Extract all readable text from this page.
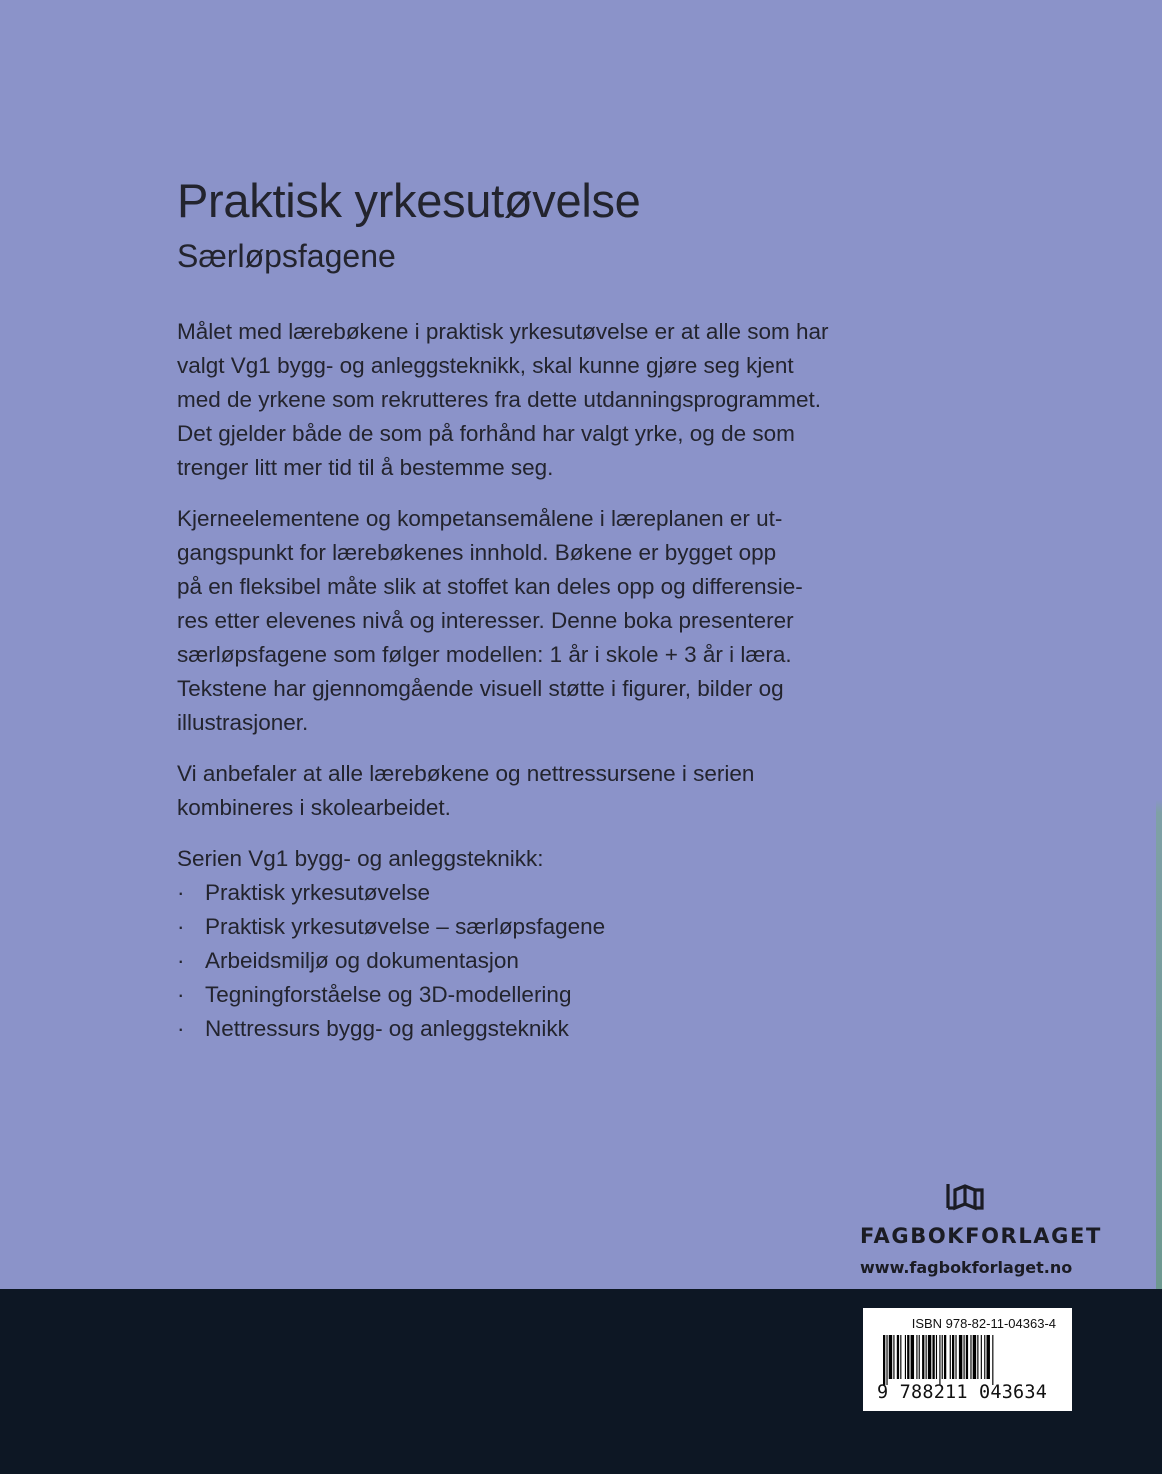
Praktisk yrkesutøvelse
Særløpsfagene

Målet med lærebøkene i praktisk yrkesutøvelse er at alle som har
valgt Vg1 bygg- og anleggsteknikk, skal kunne gjøre seg kjent
med de yrkene som rekrutteres fra dette utdanningsprogrammet.
Det gjelder både de som på forhånd har valgt yrke, og de som
trenger litt mer tid til å bestemme seg.

Kjerneelementene og kompetansemålene i læreplanen er ut-
gangspunkt for lærebøkenes innhold. Bøkene er bygget opp
på en fleksibel måte slik at stoffet kan deles opp og differensie-
res etter elevenes nivå og interesser. Denne boka presenterer
særløpsfagene som følger modellen: 1 år i skole + 3 år i læra.
Tekstene har gjennomgående visuell støtte i figurer, bilder og
illustrasjoner.

Vi anbefaler at alle lærebøkene og nettressursene i serien
kombineres i skolearbeidet.

Serien Vg1 bygg- og anleggsteknikk:
· Praktisk yrkesutøvelse
· Praktisk yrkesutøvelse – særløpsfagene
· Arbeidsmiljø og dokumentasjon
· Tegningforståelse og 3D-modellering
· Nettressurs bygg- og anleggsteknikk
FAGBOKFORLAGET
www.fagbokforlaget.no
ISBN 978-82-11-04363-4
9 788211 043634
